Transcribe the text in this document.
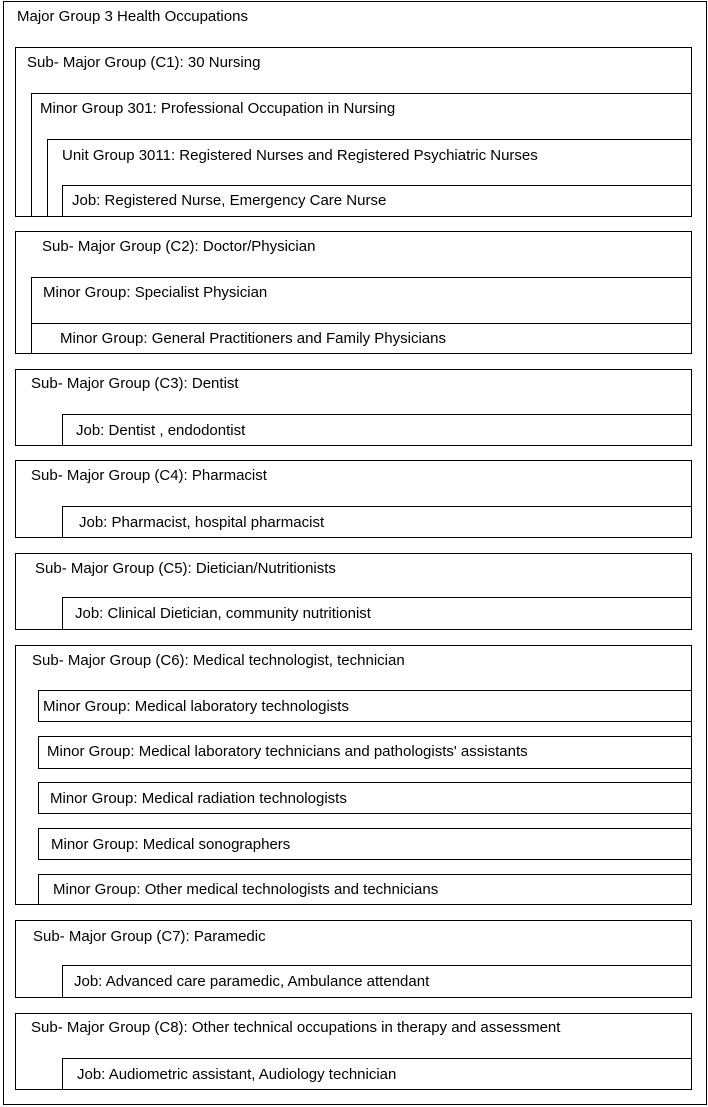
Major Group 3 Health Occupations
Sub- Major Group (C1): 30 Nursing
Minor Group 301: Professional Occupation in Nursing
Unit Group 3011: Registered Nurses and Registered Psychiatric Nurses
Job: Registered Nurse, Emergency Care Nurse
Sub- Major Group (C2): Doctor/Physician
Minor Group: Specialist Physician
Minor Group: General Practitioners and Family Physicians
Sub- Major Group (C3): Dentist
Job: Dentist , endodontist
Sub- Major Group (C4): Pharmacist
Job: Pharmacist, hospital pharmacist
Sub- Major Group (C5): Dietician/Nutritionists
Job: Clinical Dietician, community nutritionist
Sub- Major Group (C6): Medical technologist, technician
Minor Group: Medical laboratory technologists
Minor Group: Medical laboratory technicians and pathologists' assistants
Minor Group: Medical radiation technologists
Minor Group: Medical sonographers
Minor Group: Other medical technologists and technicians
Sub- Major Group (C7): Paramedic
Job: Advanced care paramedic, Ambulance attendant
Sub- Major Group (C8): Other technical occupations in therapy and assessment
Job: Audiometric assistant, Audiology technician
